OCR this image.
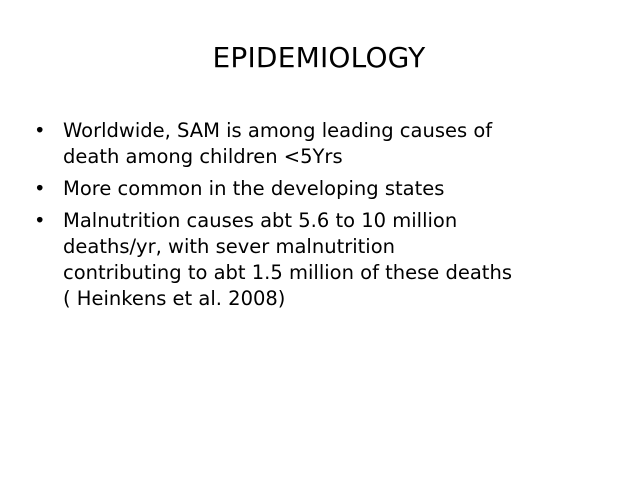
EPIDEMIOLOGY
• Worldwide, SAM is among leading causes of
death among children <5Yrs
• More common in the developing states
• Malnutrition causes abt 5.6 to 10 million
deaths/yr, with sever malnutrition
contributing to abt 1.5 million of these deaths
( Heinkens et al. 2008)
